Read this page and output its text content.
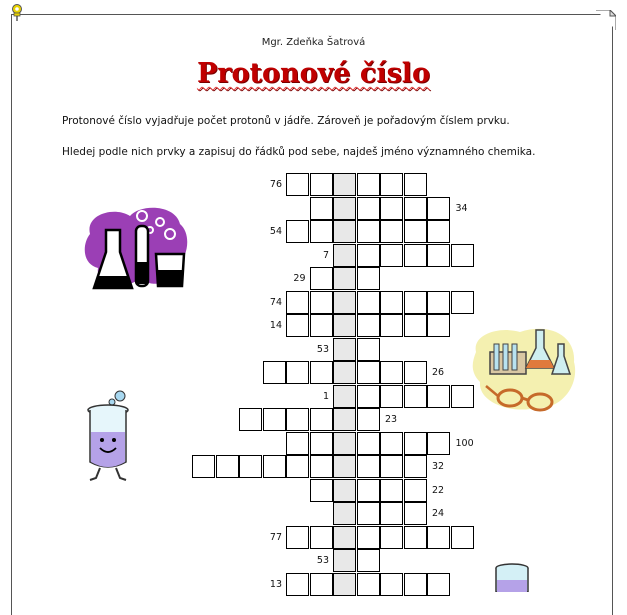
Mgr. Zdeňka Šatrová
Protonové číslo
Protonové číslo vyjadřuje počet protonů v jádře. Zároveň je pořadovým číslem prvku.
Hledej podle nich prvky a zapisuj do řádků pod sebe, najdeš jméno významného chemika.
76
34
54
7
29
74
14
53
26
1
23
100
32
22
24
77
53
13
